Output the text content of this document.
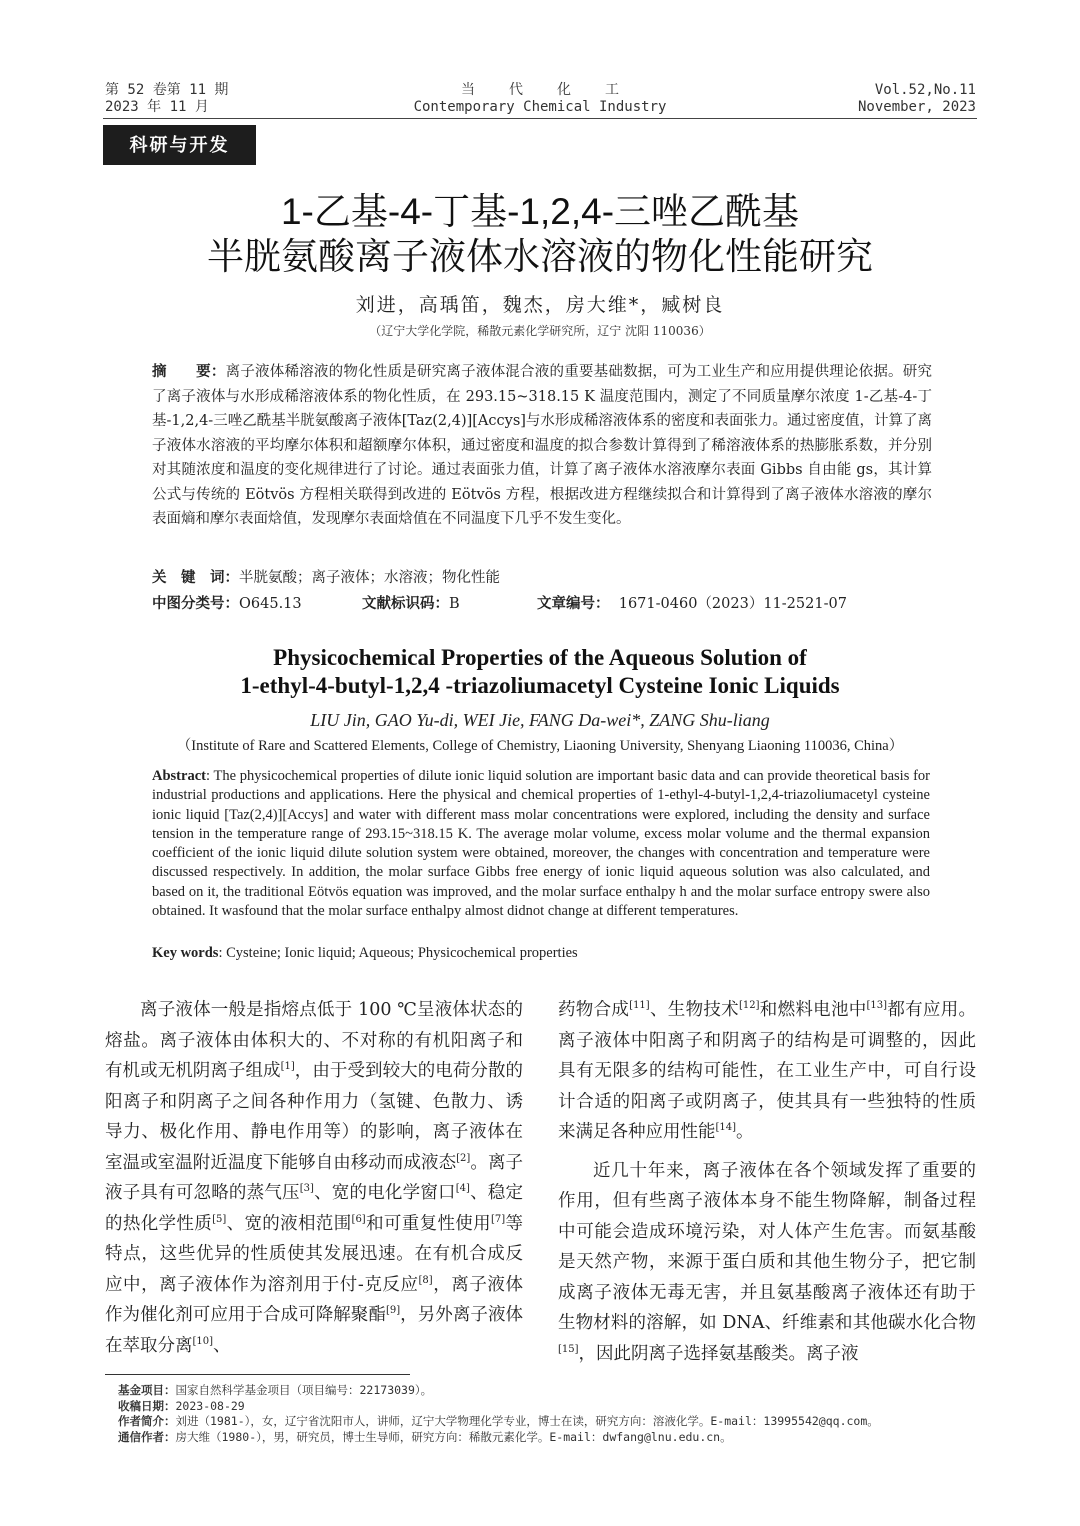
第 52 卷第 11 期
2023 年 11 月
当代化工
Contemporary Chemical Industry
Vol.52,No.11
November, 2023
科研与开发
1-乙基-4-丁基-1,2,4-三唑乙酰基
半胱氨酸离子液体水溶液的物化性能研究
刘进，高瑀笛，魏杰，房大维*，臧树良
（辽宁大学化学院，稀散元素化学研究所，辽宁 沈阳 110036）
摘　　要：离子液体稀溶液的物化性质是研究离子液体混合液的重要基础数据，可为工业生产和应用提供理论依据。研究了离子液体与水形成稀溶液体系的物化性质，在 293.15~318.15 K 温度范围内，测定了不同质量摩尔浓度 1-乙基-4-丁基-1,2,4-三唑乙酰基半胱氨酸离子液体[Taz(2,4)][Accys]与水形成稀溶液体系的密度和表面张力。通过密度值，计算了离子液体水溶液的平均摩尔体积和超额摩尔体积，通过密度和温度的拟合参数计算得到了稀溶液体系的热膨胀系数，并分别对其随浓度和温度的变化规律进行了讨论。通过表面张力值，计算了离子液体水溶液摩尔表面 Gibbs 自由能 gs，其计算公式与传统的 Eötvös 方程相关联得到改进的 Eötvös 方程，根据改进方程继续拟合和计算得到了离子液体水溶液的摩尔表面熵和摩尔表面焓值，发现摩尔表面焓值在不同温度下几乎不发生变化。
关　键　词：半胱氨酸；离子液体；水溶液；物化性能
中图分类号：O645.13	文献标识码：B	文章编号： 1671-0460（2023）11-2521-07
Physicochemical Properties of the Aqueous Solution of
1-ethyl-4-butyl-1,2,4 -triazoliumacetyl Cysteine Ionic Liquids
LIU Jin, GAO Yu-di, WEI Jie, FANG Da-wei*, ZANG Shu-liang
（Institute of Rare and Scattered Elements, College of Chemistry, Liaoning University, Shenyang Liaoning 110036, China）
Abstract: The physicochemical properties of dilute ionic liquid solution are important basic data and can provide theoretical basis for industrial productions and applications. Here the physical and chemical properties of 1-ethyl-4-butyl-1,2,4-triazoliumacetyl cysteine ionic liquid [Taz(2,4)][Accys] and water with different mass molar concentrations were explored, including the density and surface tension in the temperature range of 293.15~318.15 K. The average molar volume, excess molar volume and the thermal expansion coefficient of the ionic liquid dilute solution system were obtained, moreover, the changes with concentration and temperature were discussed respectively. In addition, the molar surface Gibbs free energy of ionic liquid aqueous solution was also calculated, and based on it, the traditional Eötvös equation was improved, and the molar surface enthalpy h and the molar surface entropy swere also obtained. It wasfound that the molar surface enthalpy almost didnot change at different temperatures.
Key words: Cysteine; Ionic liquid; Aqueous; Physicochemical properties

离子液体一般是指熔点低于 100 ℃呈液体状态的熔盐。离子液体由体积大的、不对称的有机阳离子和有机或无机阴离子组成[1]，由于受到较大的电荷分散的阳离子和阴离子之间各种作用力（氢键、色散力、诱导力、极化作用、静电作用等）的影响，离子液体在室温或室温附近温度下能够自由移动而成液态[2]。离子液子具有可忽略的蒸气压[3]、宽的电化学窗口[4]、稳定的热化学性质[5]、宽的液相范围[6]和可重复性使用[7]等特点，这些优异的性质使其发展迅速。在有机合成反应中，离子液体作为溶剂用于付-克反应[8]，离子液体作为催化剂可应用于合成可降解聚酯[9]，另外离子液体在萃取分离[10]、

药物合成[11]、生物技术[12]和燃料电池中[13]都有应用。离子液体中阳离子和阴离子的结构是可调整的，因此具有无限多的结构可能性，在工业生产中，可自行设计合适的阳离子或阴离子，使其具有一些独特的性质来满足各种应用性能[14]。

近几十年来，离子液体在各个领域发挥了重要的作用，但有些离子液体本身不能生物降解，制备过程中可能会造成环境污染，对人体产生危害。而氨基酸是天然产物，来源于蛋白质和其他生物分子，把它制成离子液体无毒无害，并且氨基酸离子液体还有助于生物材料的溶解，如 DNA、纤维素和其他碳水化合物[15]，因此阴离子选择氨基酸类。离子液

基金项目：国家自然科学基金项目（项目编号：22173039）。
收稿日期：2023-08-29
作者简介：刘进（1981-），女，辽宁省沈阳市人，讲师，辽宁大学物理化学专业，博士在读，研究方向：溶液化学。E-mail：13995542@qq.com。
通信作者：房大维（1980-），男，研究员，博士生导师，研究方向：稀散元素化学。E-mail：dwfang@lnu.edu.cn。
